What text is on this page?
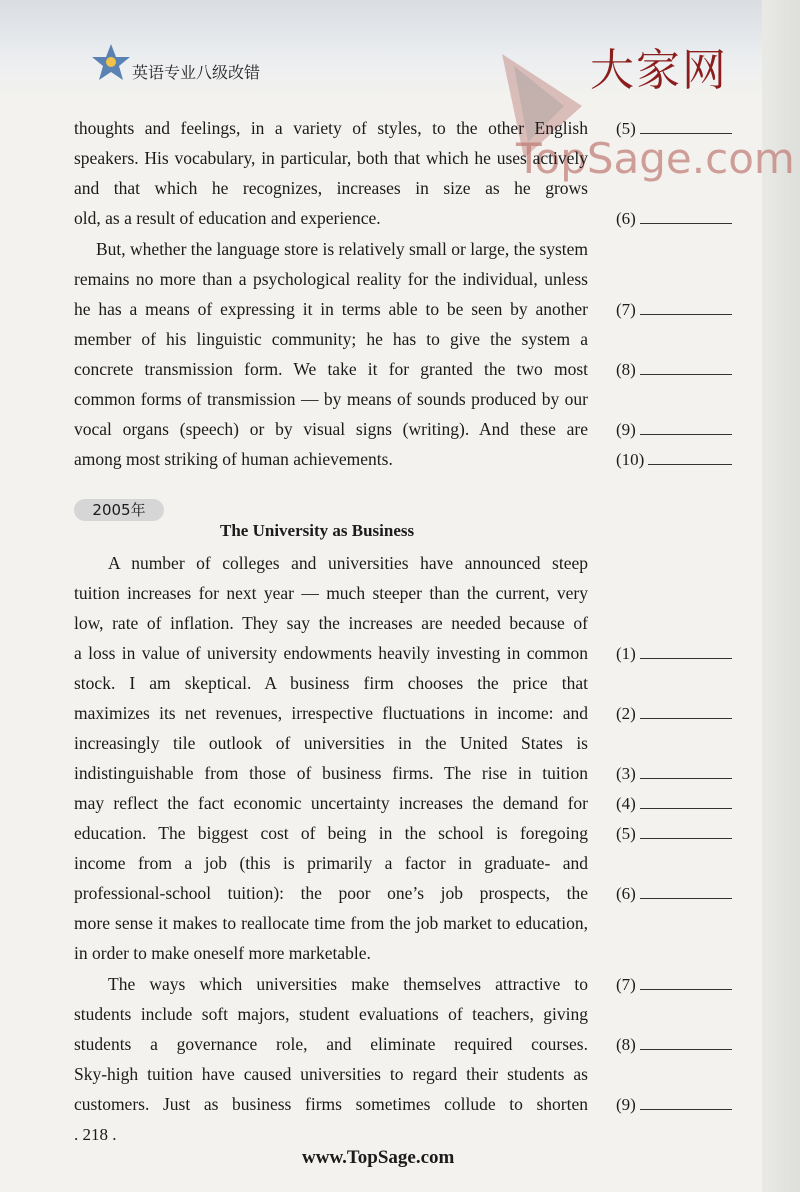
英语专业八级改错	大家网
TopSage.com
thoughts and feelings, in a variety of styles, to the other English
speakers. His vocabulary, in particular, both that which he uses actively
and that which he recognizes, increases in size as he grows
old, as a result of education and experience.
But, whether the language store is relatively small or large, the system
remains no more than a psychological reality for the individual, unless
he has a means of expressing it in terms able to be seen by another
member of his linguistic community; he has to give the system a
concrete transmission form. We take it for granted the two most
common forms of transmission — by means of sounds produced by our
vocal organs (speech) or by visual signs (writing). And these are
among most striking of human achievements.
(5)
(6)
(7)
(8)
(9)
(10)
2005年
The University as Business
A number of colleges and universities have announced steep
tuition increases for next year — much steeper than the current, very
low, rate of inflation. They say the increases are needed because of
a loss in value of university endowments heavily investing in common
stock. I am skeptical. A business firm chooses the price that
maximizes its net revenues, irrespective fluctuations in income: and
increasingly tile outlook of universities in the United States is
indistinguishable from those of business firms. The rise in tuition
may reflect the fact economic uncertainty increases the demand for
education. The biggest cost of being in the school is foregoing
income from a job (this is primarily a factor in graduate- and
professional-school tuition): the poor one’s job prospects, the
more sense it makes to reallocate time from the job market to education,
in order to make oneself more marketable.
The ways which universities make themselves attractive to
students include soft majors, student evaluations of teachers, giving
students a governance role, and eliminate required courses.
Sky-high tuition have caused universities to regard their students as
customers. Just as business firms sometimes collude to shorten
(1)
(2)
(3)
(4)
(5)
(6)
(7)
(8)
(9)
. 218 .
www.TopSage.com
